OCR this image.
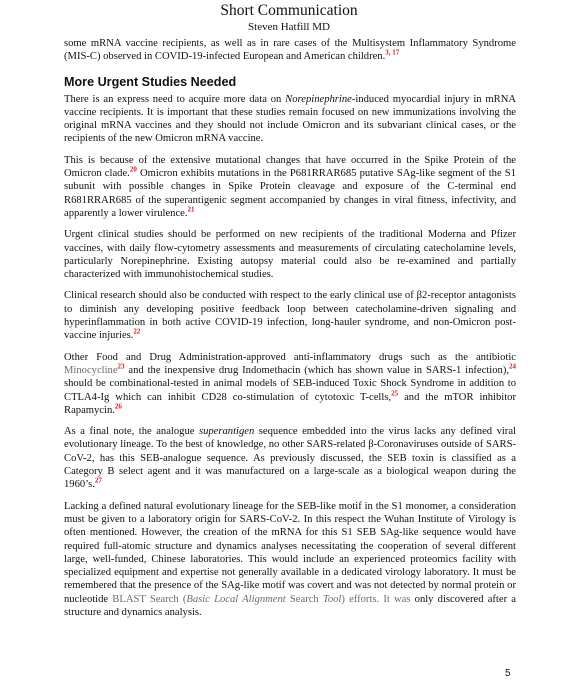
Short Communication
Steven Hatfill MD

some mRNA vaccine recipients, as well as in rare cases of the Multisystem Inflammatory Syndrome (MIS-C) observed in COVID-19-infected European and American children.$^{3, 17}$

More Urgent Studies Needed

There is an express need to acquire more data on Norepinephrine-induced myocardial injury in mRNA vaccine recipients. It is important that these studies remain focused on new immunizations involving the original mRNA vaccines and they should not include Omicron and its subvariant clinical cases, or the recipients of the new Omicron mRNA vaccine.

This is because of the extensive mutational changes that have occurred in the Spike Protein of the Omicron clade.$^{20}$ Omicron exhibits mutations in the P681RRAR685 putative SAg-like segment of the S1 subunit with possible changes in Spike Protein cleavage and exposure of the C-terminal end R681RRAR685 of the superantigenic segment accompanied by changes in viral fitness, infectivity, and apparently a lower virulence.$^{21}$

Urgent clinical studies should be performed on new recipients of the traditional Moderna and Pfizer vaccines, with daily flow-cytometry assessments and measurements of circulating catecholamine levels, particularly Norepinephrine. Existing autopsy material could also be re-examined and partially characterized with immunohistochemical studies.

Clinical research should also be conducted with respect to the early clinical use of β2-receptor antagonists to diminish any developing positive feedback loop between catecholamine-driven signaling and hyperinflammation in both active COVID-19 infection, long-hauler syndrome, and non-Omicron post-vaccine injuries.$^{22}$

Other Food and Drug Administration-approved anti-inflammatory drugs such as the antibiotic Minocycline$^{23}$ and the inexpensive drug Indomethacin (which has shown value in SARS-1 infection),$^{24}$ should be combinational-tested in animal models of SEB-induced Toxic Shock Syndrome in addition to CTLA4-Ig which can inhibit CD28 co-stimulation of cytotoxic T-cells,$^{25}$ and the mTOR inhibitor Rapamycin.$^{26}$

As a final note, the analogue superantigen sequence embedded into the virus lacks any defined viral evolutionary lineage. To the best of knowledge, no other SARS-related β-Coronaviruses outside of SARS-CoV-2, has this SEB-analogue sequence. As previously discussed, the SEB toxin is classified as a Category B select agent and it was manufactured on a large-scale as a biological weapon during the 1960’s.$^{27}$

Lacking a defined natural evolutionary lineage for the SEB-like motif in the S1 monomer, a consideration must be given to a laboratory origin for SARS-CoV-2. In this respect the Wuhan Institute of Virology is often mentioned. However, the creation of the mRNA for this S1 SEB SAg-like sequence would have required full-atomic structure and dynamics analyses necessitating the cooperation of several different large, well-funded, Chinese laboratories. This would include an experienced proteomics facility with specialized equipment and expertise not generally available in a dedicated virology laboratory. It must be remembered that the presence of the SAg-like motif was covert and was not detected by normal protein or nucleotide BLAST Search (Basic Local Alignment Search Tool) efforts. It was only discovered after a structure and dynamics analysis.

5
